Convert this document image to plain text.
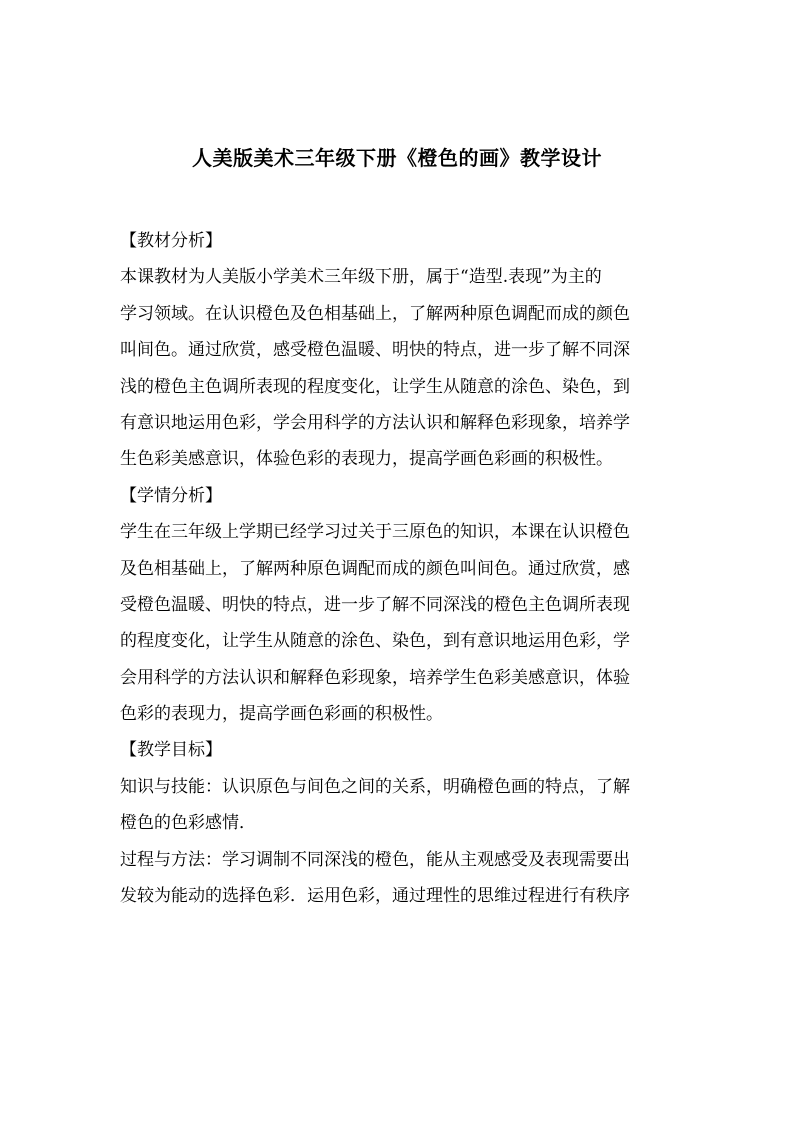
人美版美术三年级下册《橙色的画》教学设计
【教材分析】
本课教材为人美版小学美术三年级下册，属于“造型.表现”为主的
学习领域。在认识橙色及色相基础上，了解两种原色调配而成的颜色
叫间色。通过欣赏，感受橙色温暖、明快的特点，进一步了解不同深
浅的橙色主色调所表现的程度变化，让学生从随意的涂色、染色，到
有意识地运用色彩，学会用科学的方法认识和解释色彩现象，培养学
生色彩美感意识，体验色彩的表现力，提高学画色彩画的积极性。
【学情分析】
学生在三年级上学期已经学习过关于三原色的知识，本课在认识橙色
及色相基础上，了解两种原色调配而成的颜色叫间色。通过欣赏，感
受橙色温暖、明快的特点，进一步了解不同深浅的橙色主色调所表现
的程度变化，让学生从随意的涂色、染色，到有意识地运用色彩，学
会用科学的方法认识和解释色彩现象，培养学生色彩美感意识，体验
色彩的表现力，提高学画色彩画的积极性。
【教学目标】
知识与技能：认识原色与间色之间的关系，明确橙色画的特点，了解
橙色的色彩感情．
过程与方法：学习调制不同深浅的橙色，能从主观感受及表现需要出
发较为能动的选择色彩．运用色彩，通过理性的思维过程进行有秩序
